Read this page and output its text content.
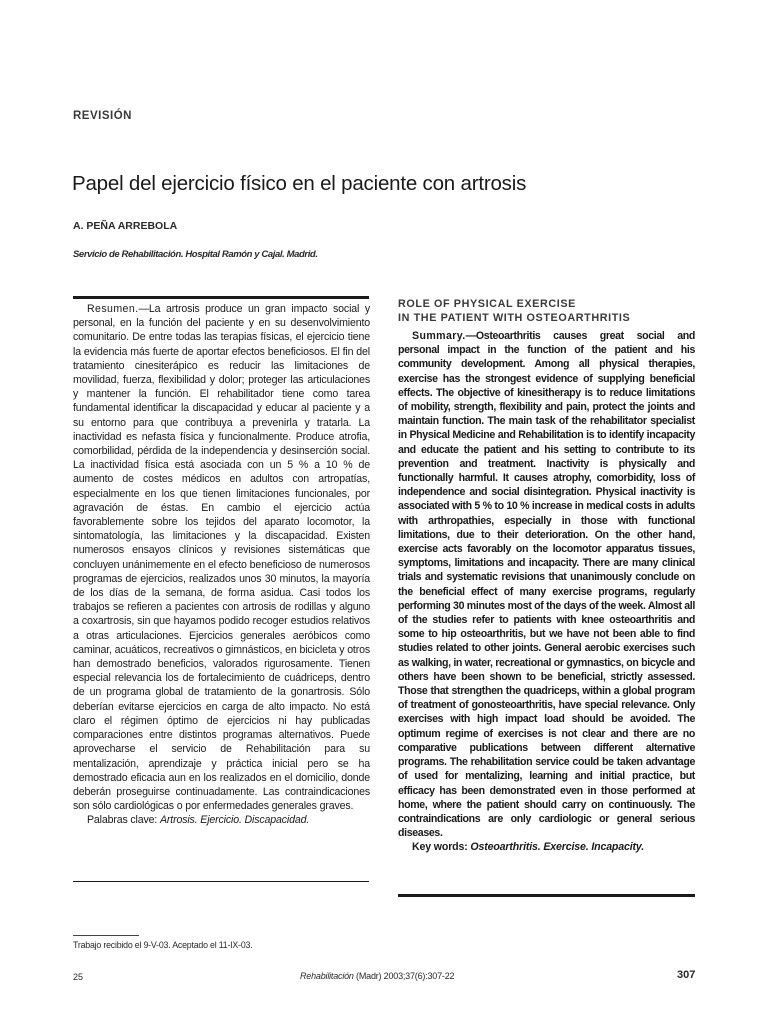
REVISIÓN
Papel del ejercicio físico en el paciente con artrosis
A. PEÑA ARREBOLA
Servicio de Rehabilitación. Hospital Ramón y Cajal. Madrid.

Resumen.—La artrosis produce un gran impacto social y personal, en la función del paciente y en su desenvolvimiento comunitario. De entre todas las terapias físicas, el ejercicio tiene la evidencia más fuerte de aportar efectos beneficiosos. El fin del tratamiento cinesiterápico es reducir las limitaciones de movilidad, fuerza, flexibilidad y dolor; proteger las articulaciones y mantener la función. El rehabilitador tiene como tarea fundamental identificar la discapacidad y educar al paciente y a su entorno para que contribuya a prevenirla y tratarla. La inactividad es nefasta física y funcionalmente. Produce atrofia, comorbilidad, pérdida de la independencia y desinserción social. La inactividad física está asociada con un 5 % a 10 % de aumento de costes médicos en adultos con artropatías, especialmente en los que tienen limitaciones funcionales, por agravación de éstas. En cambio el ejercicio actúa favorablemente sobre los tejidos del aparato locomotor, la sintomatología, las limitaciones y la discapacidad. Existen numerosos ensayos clínicos y revisiones sistemáticas que concluyen unánimemente en el efecto beneficioso de numerosos programas de ejercicios, realizados unos 30 minutos, la mayoría de los días de la semana, de forma asidua. Casi todos los trabajos se refieren a pacientes con artrosis de rodillas y alguno a coxartrosis, sin que hayamos podido recoger estudios relativos a otras articulaciones. Ejercicios generales aeróbicos como caminar, acuáticos, recreativos o gimnásticos, en bicicleta y otros han demostrado beneficios, valorados rigurosamente. Tienen especial relevancia los de fortalecimiento de cuádriceps, dentro de un programa global de tratamiento de la gonartrosis. Sólo deberían evitarse ejercicios en carga de alto impacto. No está claro el régimen óptimo de ejercicios ni hay publicadas comparaciones entre distintos programas alternativos. Puede aprovecharse el servicio de Rehabilitación para su mentalización, aprendizaje y práctica inicial pero se ha demostrado eficacia aun en los realizados en el domicilio, donde deberán proseguirse continuadamente. Las contraindicaciones son sólo cardiológicas o por enfermedades generales graves.

Palabras clave: Artrosis. Ejercicio. Discapacidad.

ROLE OF PHYSICAL EXERCISE
IN THE PATIENT WITH OSTEOARTHRITIS

Summary.—Osteoarthritis causes great social and personal impact in the function of the patient and his community development. Among all physical therapies, exercise has the strongest evidence of supplying beneficial effects. The objective of kinesitherapy is to reduce limitations of mobility, strength, flexibility and pain, protect the joints and maintain function. The main task of the rehabilitator specialist in Physical Medicine and Rehabilitation is to identify incapacity and educate the patient and his setting to contribute to its prevention and treatment. Inactivity is physically and functionally harmful. It causes atrophy, comorbidity, loss of independence and social disintegration. Physical inactivity is associated with 5 % to 10 % increase in medical costs in adults with arthropathies, especially in those with functional limitations, due to their deterioration. On the other hand, exercise acts favorably on the locomotor apparatus tissues, symptoms, limitations and incapacity. There are many clinical trials and systematic revisions that unanimously conclude on the beneficial effect of many exercise programs, regularly performing 30 minutes most of the days of the week. Almost all of the studies refer to patients with knee osteoarthritis and some to hip osteoarthritis, but we have not been able to find studies related to other joints. General aerobic exercises such as walking, in water, recreational or gymnastics, on bicycle and others have been shown to be beneficial, strictly assessed. Those that strengthen the quadriceps, within a global program of treatment of gonosteoarthritis, have special relevance. Only exercises with high impact load should be avoided. The optimum regime of exercises is not clear and there are no comparative publications between different alternative programs. The rehabilitation service could be taken advantage of used for mentalizing, learning and initial practice, but efficacy has been demonstrated even in those performed at home, where the patient should carry on continuously. The contraindications are only cardiologic or general serious diseases.

Key words: Osteoarthritis. Exercise. Incapacity.

Trabajo recibido el 9-V-03. Aceptado el 11-IX-03.
25	Rehabilitación (Madr) 2003;37(6):307-22	307
